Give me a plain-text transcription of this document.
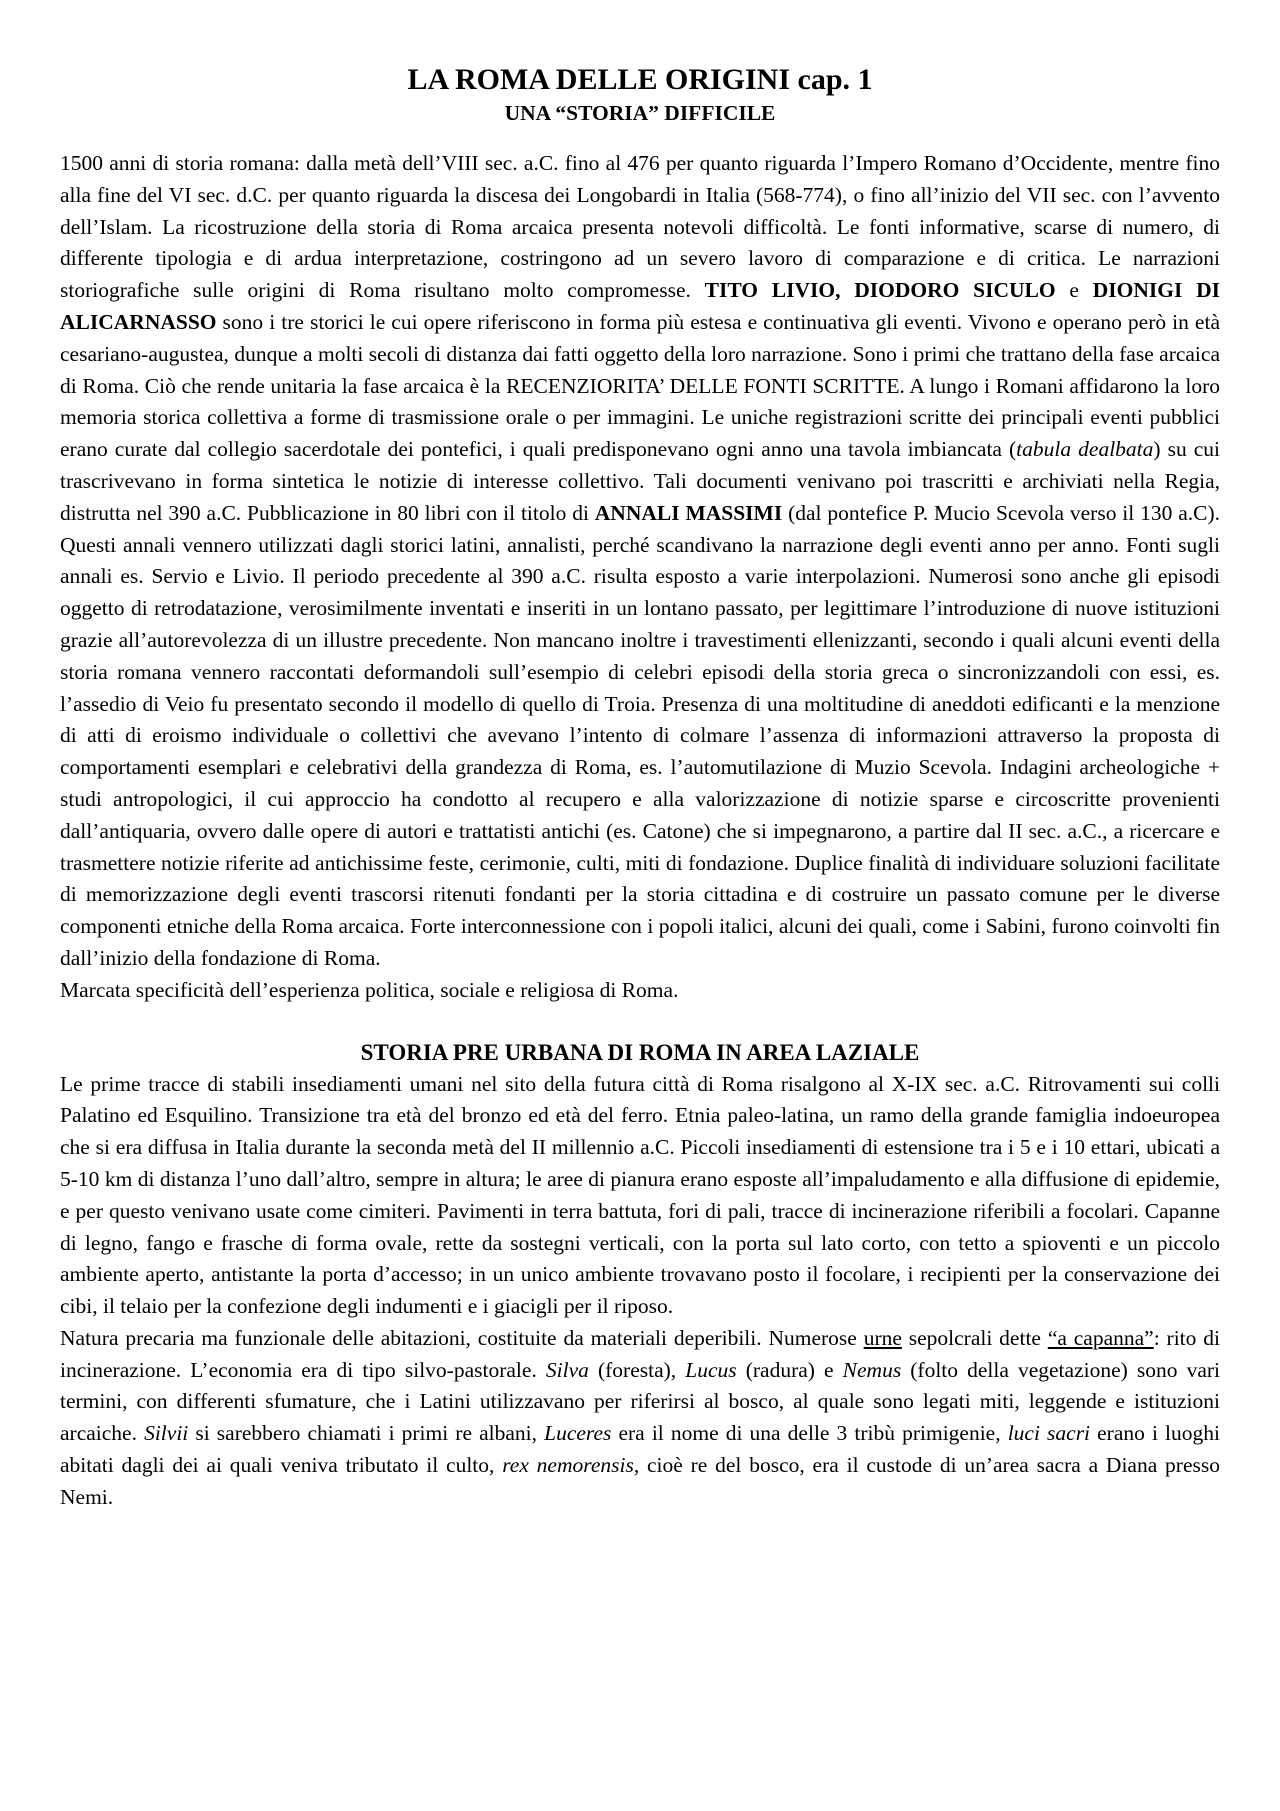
LA ROMA DELLE ORIGINI cap. 1
UNA “STORIA” DIFFICILE

1500 anni di storia romana: dalla metà dell’VIII sec. a.C. fino al 476 per quanto riguarda l’Impero Romano d’Occidente, mentre fino alla fine del VI sec. d.C. per quanto riguarda la discesa dei Longobardi in Italia (568-774), o fino all’inizio del VII sec. con l’avvento dell’Islam. La ricostruzione della storia di Roma arcaica presenta notevoli difficoltà. Le fonti informative, scarse di numero, di differente tipologia e di ardua interpretazione, costringono ad un severo lavoro di comparazione e di critica. Le narrazioni storiografiche sulle origini di Roma risultano molto compromesse. TITO LIVIO, DIODORO SICULO e DIONIGI DI ALICARNASSO sono i tre storici le cui opere riferiscono in forma più estesa e continuativa gli eventi. Vivono e operano però in età cesariano-augustea, dunque a molti secoli di distanza dai fatti oggetto della loro narrazione. Sono i primi che trattano della fase arcaica di Roma. Ciò che rende unitaria la fase arcaica è la RECENZIORITA’ DELLE FONTI SCRITTE. A lungo i Romani affidarono la loro memoria storica collettiva a forme di trasmissione orale o per immagini. Le uniche registrazioni scritte dei principali eventi pubblici erano curate dal collegio sacerdotale dei pontefici, i quali predisponevano ogni anno una tavola imbiancata (tabula dealbata) su cui trascrivevano in forma sintetica le notizie di interesse collettivo. Tali documenti venivano poi trascritti e archiviati nella Regia, distrutta nel 390 a.C. Pubblicazione in 80 libri con il titolo di ANNALI MASSIMI (dal pontefice P. Mucio Scevola verso il 130 a.C). Questi annali vennero utilizzati dagli storici latini, annalisti, perché scandivano la narrazione degli eventi anno per anno. Fonti sugli annali es. Servio e Livio. Il periodo precedente al 390 a.C. risulta esposto a varie interpolazioni. Numerosi sono anche gli episodi oggetto di retrodatazione, verosimilmente inventati e inseriti in un lontano passato, per legittimare l’introduzione di nuove istituzioni grazie all’autorevolezza di un illustre precedente. Non mancano inoltre i travestimenti ellenizzanti, secondo i quali alcuni eventi della storia romana vennero raccontati deformandoli sull’esempio di celebri episodi della storia greca o sincronizzandoli con essi, es. l’assedio di Veio fu presentato secondo il modello di quello di Troia. Presenza di una moltitudine di aneddoti edificanti e la menzione di atti di eroismo individuale o collettivi che avevano l’intento di colmare l’assenza di informazioni attraverso la proposta di comportamenti esemplari e celebrativi della grandezza di Roma, es. l’automutilazione di Muzio Scevola. Indagini archeologiche + studi antropologici, il cui approccio ha condotto al recupero e alla valorizzazione di notizie sparse e circoscritte provenienti dall’antiquaria, ovvero dalle opere di autori e trattatisti antichi (es. Catone) che si impegnarono, a partire dal II sec. a.C., a ricercare e trasmettere notizie riferite ad antichissime feste, cerimonie, culti, miti di fondazione. Duplice finalità di individuare soluzioni facilitate di memorizzazione degli eventi trascorsi ritenuti fondanti per la storia cittadina e di costruire un passato comune per le diverse componenti etniche della Roma arcaica. Forte interconnessione con i popoli italici, alcuni dei quali, come i Sabini, furono coinvolti fin dall’inizio della fondazione di Roma.

Marcata specificità dell’esperienza politica, sociale e religiosa di Roma.

STORIA PRE URBANA DI ROMA IN AREA LAZIALE

Le prime tracce di stabili insediamenti umani nel sito della futura città di Roma risalgono al X-IX sec. a.C. Ritrovamenti sui colli Palatino ed Esquilino. Transizione tra età del bronzo ed età del ferro. Etnia paleo-latina, un ramo della grande famiglia indoeuropea che si era diffusa in Italia durante la seconda metà del II millennio a.C. Piccoli insediamenti di estensione tra i 5 e i 10 ettari, ubicati a 5-10 km di distanza l’uno dall’altro, sempre in altura; le aree di pianura erano esposte all’impaludamento e alla diffusione di epidemie, e per questo venivano usate come cimiteri. Pavimenti in terra battuta, fori di pali, tracce di incinerazione riferibili a focolari. Capanne di legno, fango e frasche di forma ovale, rette da sostegni verticali, con la porta sul lato corto, con tetto a spioventi e un piccolo ambiente aperto, antistante la porta d’accesso; in un unico ambiente trovavano posto il focolare, i recipienti per la conservazione dei cibi, il telaio per la confezione degli indumenti e i giacigli per il riposo.

Natura precaria ma funzionale delle abitazioni, costituite da materiali deperibili. Numerose urne sepolcrali dette “a capanna”: rito di incinerazione. L’economia era di tipo silvo-pastorale. Silva (foresta), Lucus (radura) e Nemus (folto della vegetazione) sono vari termini, con differenti sfumature, che i Latini utilizzavano per riferirsi al bosco, al quale sono legati miti, leggende e istituzioni arcaiche. Silvii si sarebbero chiamati i primi re albani, Luceres era il nome di una delle 3 tribù primigenie, luci sacri erano i luoghi abitati dagli dei ai quali veniva tributato il culto, rex nemorensis, cioè re del bosco, era il custode di un’area sacra a Diana presso Nemi.
